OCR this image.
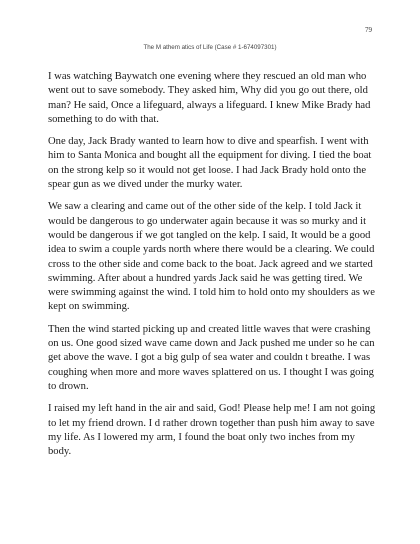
79
The M athem atics of Life (Case # 1-674097301)

I was watching Baywatch one evening where they rescued an old man who went out to save somebody. They asked him, Why did you go out there, old man? He said, Once a lifeguard, always a lifeguard. I knew Mike Brady had something to do with that.

One day, Jack Brady wanted to learn how to dive and spearfish. I went with him to Santa Monica and bought all the equipment for diving. I tied the boat on the strong kelp so it would not get loose. I had Jack Brady hold onto the spear gun as we dived under the murky water.

We saw a clearing and came out of the other side of the kelp. I told Jack it would be dangerous to go underwater again because it was so murky and it would be dangerous if we got tangled on the kelp. I said, It would be a good idea to swim a couple yards north where there would be a clearing. We could cross to the other side and come back to the boat. Jack agreed and we started swimming. After about a hundred yards Jack said he was getting tired. We were swimming against the wind. I told him to hold onto my shoulders as we kept on swimming.

Then the wind started picking up and created little waves that were crashing on us. One good sized wave came down and Jack pushed me under so he can get above the wave. I got a big gulp of sea water and couldn t breathe. I was coughing when more and more waves splattered on us. I thought I was going to drown.

I raised my left hand in the air and said, God! Please help me! I am not going to let my friend drown. I d rather drown together than push him away to save my life. As I lowered my arm, I found the boat only two inches from my body.
